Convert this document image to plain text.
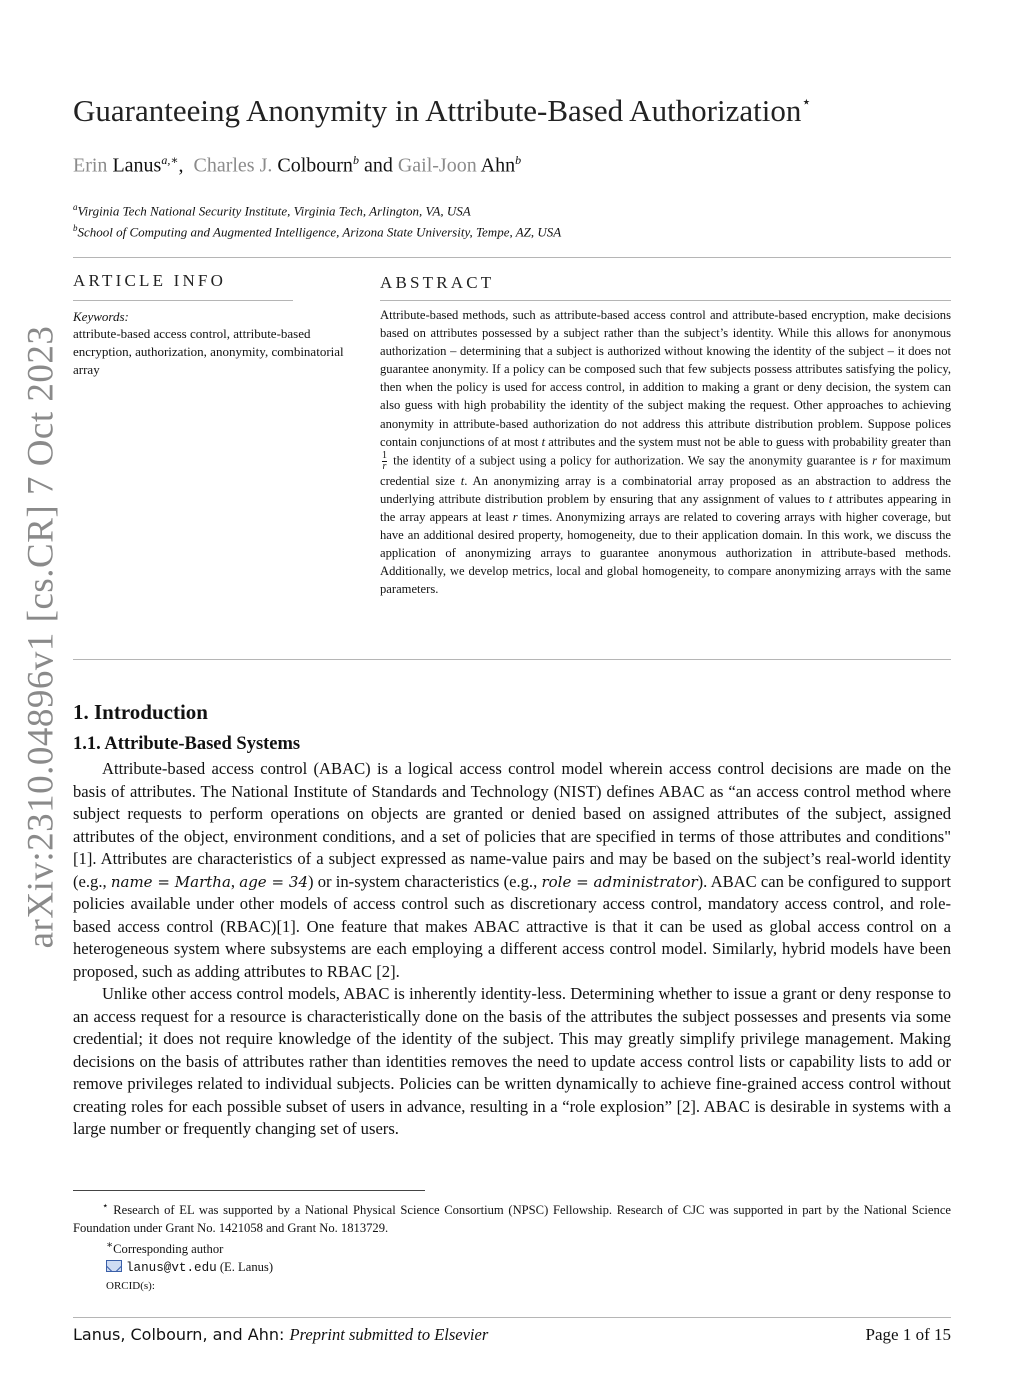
arXiv:2310.04896v1 [cs.CR] 7 Oct 2023
Guaranteeing Anonymity in Attribute-Based Authorization⋆
Erin Lanus$^{a,∗}$,  Charles J. Colbourn$^b$ and Gail-Joon Ahn$^b$
$^a$Virginia Tech National Security Institute, Virginia Tech, Arlington, VA, USA
$^b$School of Computing and Augmented Intelligence, Arizona State University, Tempe, AZ, USA
ARTICLE INFO
Keywords:
attribute-based access control, attribute-based encryption, authorization, anonymity, combinatorial array
ABSTRACT
Attribute-based methods, such as attribute-based access control and attribute-based encryption, make decisions based on attributes possessed by a subject rather than the subject’s identity. While this allows for anonymous authorization – determining that a subject is authorized without knowing the identity of the subject – it does not guarantee anonymity. If a policy can be composed such that few subjects possess attributes satisfying the policy, then when the policy is used for access control, in addition to making a grant or deny decision, the system can also guess with high probability the identity of the subject making the request. Other approaches to achieving anonymity in attribute-based authorization do not address this attribute distribution problem. Suppose polices contain conjunctions of at most t attributes and the system must not be able to guess with probability greater than
$\frac{1}{r}$ the identity of a subject using a policy for authorization. We say the anonymity guarantee is r for maximum credential size t. An anonymizing array is a combinatorial array proposed as an abstraction to address the underlying attribute distribution problem by ensuring that any assignment of values to t attributes appearing in the array appears at least r times. Anonymizing arrays are related to covering arrays with higher coverage, but have an additional desired property, homogeneity, due to their application domain. In this work, we discuss the application of anonymizing arrays to guarantee anonymous authorization in attribute-based methods. Additionally, we develop metrics, local and global homogeneity, to compare anonymizing arrays with the same parameters.
1. Introduction
1.1. Attribute-Based Systems

Attribute-based access control (ABAC) is a logical access control model wherein access control decisions are made on the basis of attributes. The National Institute of Standards and Technology (NIST) defines ABAC as “an access control method where subject requests to perform operations on objects are granted or denied based on assigned attributes of the subject, assigned attributes of the object, environment conditions, and a set of policies that are specified in terms of those attributes and conditions" [1]. Attributes are characteristics of a subject expressed as name-value pairs and may be based on the subject’s real-world identity (e.g., name = Martha, age = 34) or in-system characteristics (e.g., role = administrator). ABAC can be configured to support policies available under other models of access control such as discretionary access control, mandatory access control, and role-based access control (RBAC)[1]. One feature that makes ABAC attractive is that it can be used as global access control on a heterogeneous system where subsystems are each employing a different access control model. Similarly, hybrid models have been proposed, such as adding attributes to RBAC [2].

Unlike other access control models, ABAC is inherently identity-less. Determining whether to issue a grant or deny response to an access request for a resource is characteristically done on the basis of the attributes the subject possesses and presents via some credential; it does not require knowledge of the identity of the subject. This may greatly simplify privilege management. Making decisions on the basis of attributes rather than identities removes the need to update access control lists or capability lists to add or remove privileges related to individual subjects. Policies can be written dynamically to achieve fine-grained access control without creating roles for each possible subset of users in advance, resulting in a “role explosion” [2]. ABAC is desirable in systems with a large number or frequently changing set of users.

⋆ Research of EL was supported by a National Physical Science Consortium (NPSC) Fellowship. Research of CJC was supported in part by the National Science Foundation under Grant No. 1421058 and Grant No. 1813729.

∗Corresponding author

lanus@vt.edu (E. Lanus)

ORCID(s):

Lanus, Colbourn, and Ahn: Preprint submitted to Elsevier	Page 1 of 15
